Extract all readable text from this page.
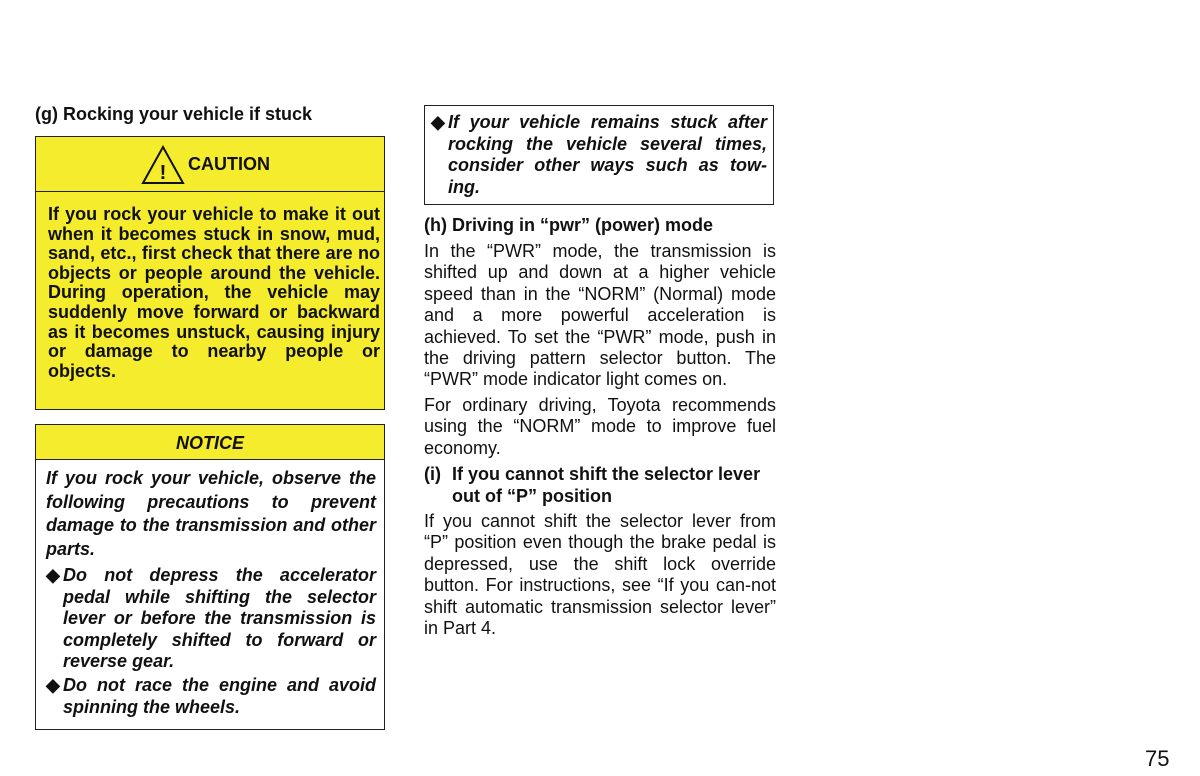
(g) Rocking your vehicle if stuck
! CAUTION
If you rock your vehicle to make it out when it becomes stuck in snow, mud, sand, etc., first check that there are no objects or people around the vehicle. During operation, the vehicle may suddenly move forward or backward as it becomes unstuck, causing injury or damage to nearby people or objects.
NOTICE
If you rock your vehicle, observe the following precautions to prevent damage to the transmission and other parts.
◆ Do not depress the accelerator pedal while shifting the selector lever or before the transmission is completely shifted to forward or reverse gear.
◆ Do not race the engine and avoid spinning the wheels.
◆ If your vehicle remains stuck after rocking the vehicle several times, consider other ways such as tow-ing.
(h) Driving in “pwr” (power) mode
In the “PWR” mode, the transmission is shifted up and down at a higher vehicle speed than in the “NORM” (Normal) mode and a more powerful acceleration is achieved. To set the “PWR” mode, push in the driving pattern selector button. The “PWR” mode indicator light comes on.
For ordinary driving, Toyota recommends using the “NORM” mode to improve fuel economy.
(i) If you cannot shift the selector lever out of “P” position
If you cannot shift the selector lever from “P” position even though the brake pedal is depressed, use the shift lock override button. For instructions, see “If you can-not shift automatic transmission selector lever” in Part 4.
75
